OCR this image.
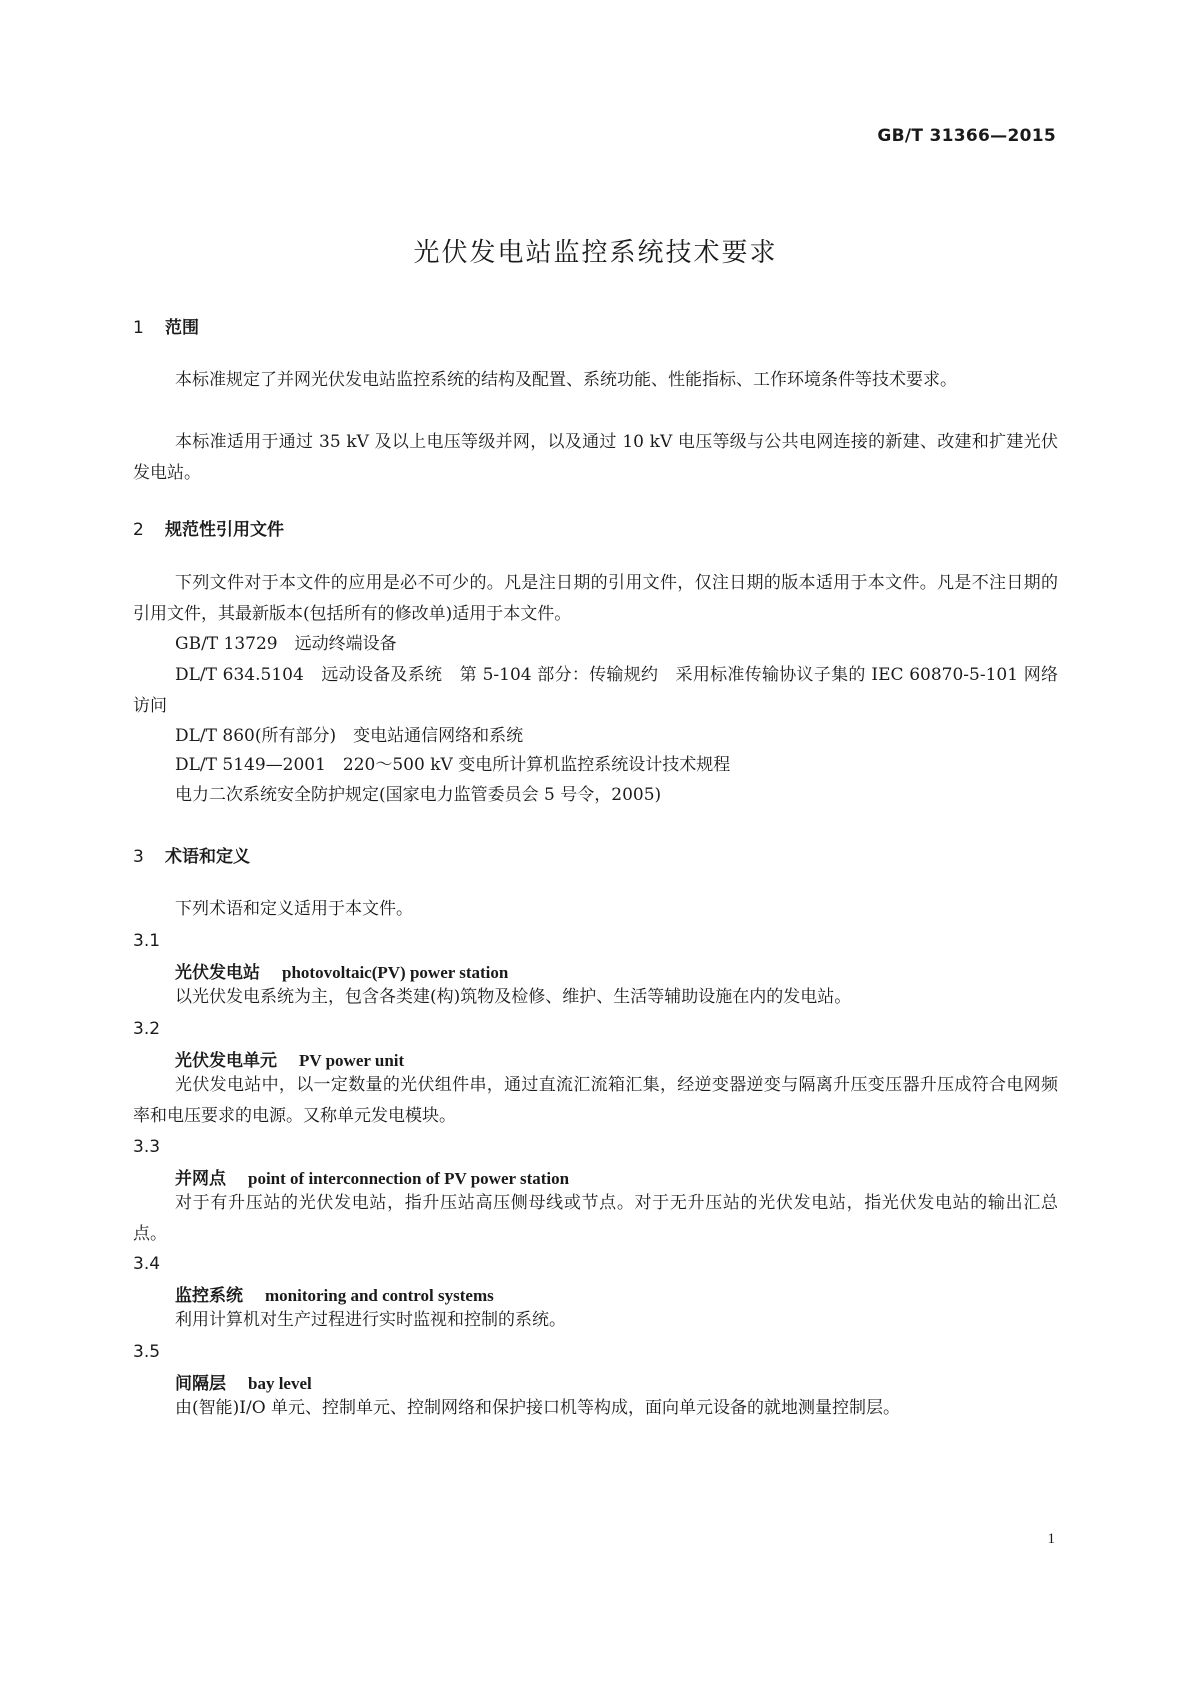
GB/T 31366—2015
光伏发电站监控系统技术要求
1 范围
本标准规定了并网光伏发电站监控系统的结构及配置、系统功能、性能指标、工作环境条件等技术要求。
本标准适用于通过 35 kV 及以上电压等级并网，以及通过 10 kV 电压等级与公共电网连接的新建、改建和扩建光伏发电站。
2 规范性引用文件
下列文件对于本文件的应用是必不可少的。凡是注日期的引用文件，仅注日期的版本适用于本文件。凡是不注日期的引用文件，其最新版本(包括所有的修改单)适用于本文件。
GB/T 13729　远动终端设备
DL/T 634.5104　远动设备及系统　第 5-104 部分：传输规约　采用标准传输协议子集的 IEC 60870-5-101 网络访问
DL/T 860(所有部分)　变电站通信网络和系统
DL/T 5149—2001　220～500 kV 变电所计算机监控系统设计技术规程
电力二次系统安全防护规定(国家电力监管委员会 5 号令，2005)
3 术语和定义
下列术语和定义适用于本文件。
3.1
光伏发电站 photovoltaic(PV) power station
以光伏发电系统为主，包含各类建(构)筑物及检修、维护、生活等辅助设施在内的发电站。
3.2
光伏发电单元 PV power unit
光伏发电站中，以一定数量的光伏组件串，通过直流汇流箱汇集，经逆变器逆变与隔离升压变压器升压成符合电网频率和电压要求的电源。又称单元发电模块。
3.3
并网点 point of interconnection of PV power station
对于有升压站的光伏发电站，指升压站高压侧母线或节点。对于无升压站的光伏发电站，指光伏发电站的输出汇总点。
3.4
监控系统 monitoring and control systems
利用计算机对生产过程进行实时监视和控制的系统。
3.5
间隔层 bay level
由(智能)I/O 单元、控制单元、控制网络和保护接口机等构成，面向单元设备的就地测量控制层。
1
